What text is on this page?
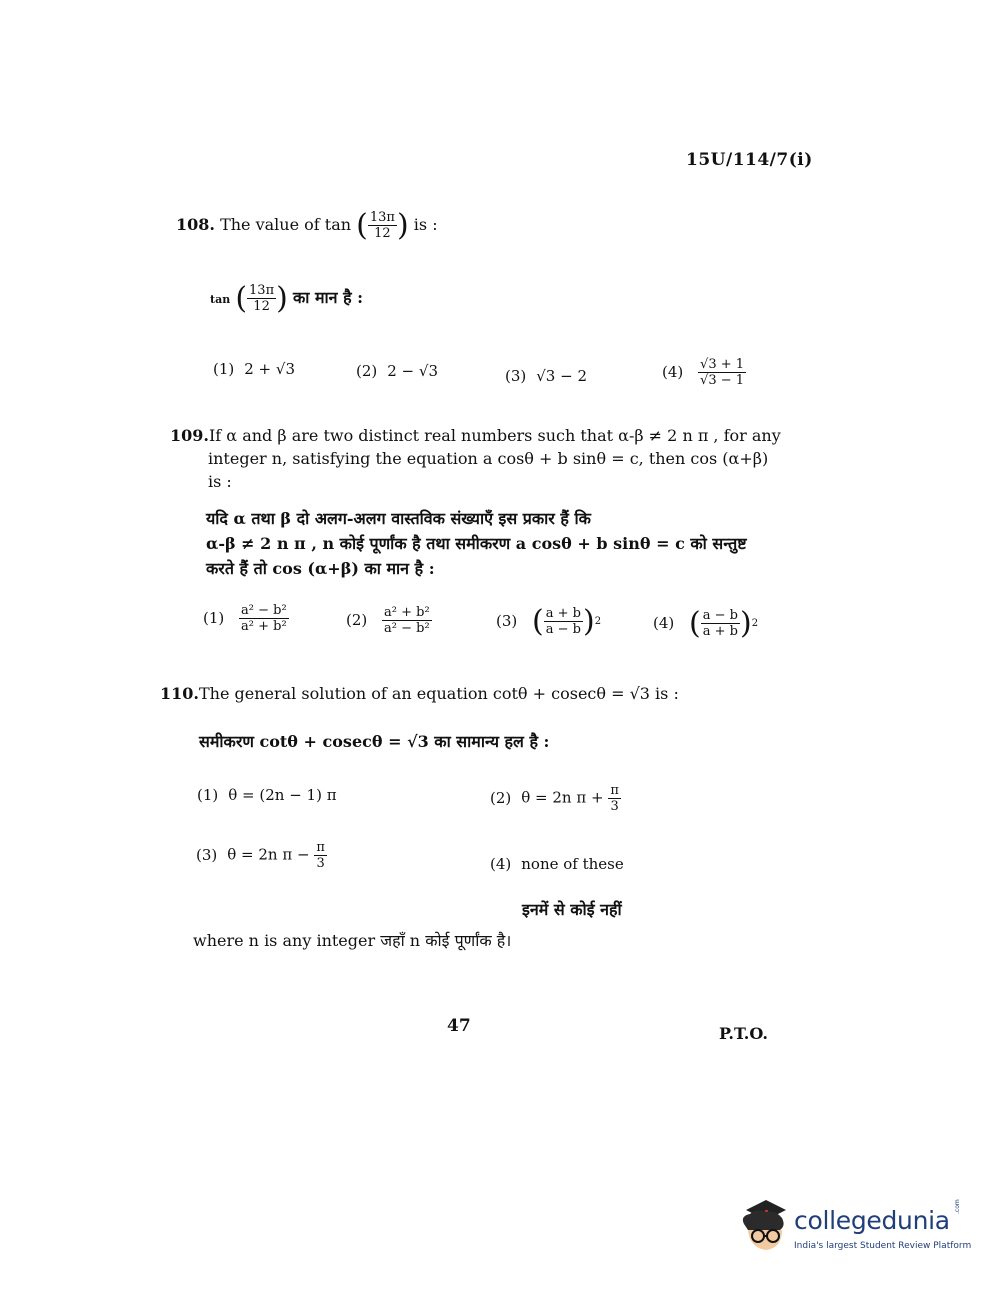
15U/114/7(i)
108. The value of tan ( $\frac{13\pi}{12}$ ) is :
tan ( $\frac{13\pi}{12}$ ) का मान है :
(1) 2 + √3	(2) 2 − √3	(3) √3 − 2	$(4) \frac{√3 + 1}{√3 - 1}$
109.If α and β are two distinct real numbers such that α-β ≠ 2 n π , for any
integer n, satisfying the equation a cosθ + b sinθ = c, then cos (α+β)
is :
यदि α तथा β दो अलग-अलग वास्तविक संख्याएँ इस प्रकार हैं कि
α-β ≠ 2 n π , n कोई पूर्णांक है तथा समीकरण a cosθ + b sinθ = c को सन्तुष्ट
करते हैं तो cos (α+β) का मान है :
$(1) \frac{\text{a² − b²}}{\text{a² + b²}}$	$(2) \frac{\text{a² + b²}}{\text{a² − b²}}$	(3) ( $\frac{a + b}{a - b}$ ) 2	(4) ( $\frac{a - b}{a + b}$ ) 2
110.The general solution of an equation cotθ + cosecθ = √3 is :
समीकरण cotθ + cosecθ = √3 का सामान्य हल है :
(1) θ = (2n − 1) π	(2) θ = 2n $\pi + \frac{\pi}{3}$
(3) θ = 2n $\pi - \frac{\pi}{3}$	(4) none of these
इनमें से कोई नहीं
where n is any integer जहाँ n कोई पूर्णांक है।
47	P.T.O.
collegedunia .com
India's largest Student Review Platform
